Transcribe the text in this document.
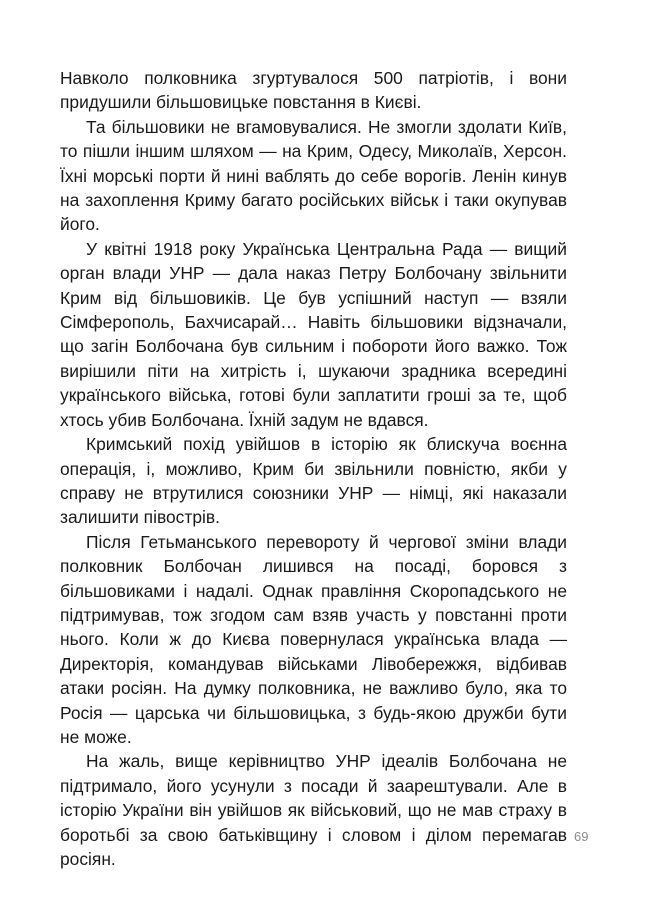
Навколо полковника згуртувалося 500 патріотів, і вони придушили більшовицьке повстання в Києві.

Та більшовики не вгамовувалися. Не змогли здолати Київ, то пішли іншим шляхом — на Крим, Одесу, Миколаїв, Херсон. Їхні морські порти й нині ваблять до себе ворогів. Ленін кинув на захоплення Криму багато російських військ і таки окупував його.

У квітні 1918 року Українська Центральна Рада — вищий орган влади УНР — дала наказ Петру Болбочану звільнити Крим від більшовиків. Це був успішний наступ — взяли Сімферополь, Бахчисарай… Навіть більшовики відзначали, що загін Болбочана був сильним і побороти його важко. Тож вирішили піти на хитрість і, шукаючи зрадника всередині українського війська, готові були заплатити гроші за те, щоб хтось убив Болбочана. Їхній задум не вдався.

Кримський похід увійшов в історію як блискуча воєнна операція, і, можливо, Крим би звільнили повністю, якби у справу не втрутилися союзники УНР — німці, які наказали залишити півострів.

Після Гетьманського перевороту й чергової зміни влади полковник Болбочан лишився на посаді, боровся з більшовиками і надалі. Однак правління Скоропадського не підтримував, тож згодом сам взяв участь у повстанні проти нього. Коли ж до Києва повернулася українська влада — Директорія, командував військами Лівобережжя, відбивав атаки росіян. На думку полковника, не важливо було, яка то Росія — царська чи більшовицька, з будь-якою дружби бути не може.

На жаль, вище керівництво УНР ідеалів Болбочана не підтримало, його усунули з посади й заарештували. Але в історію України він увійшов як військовий, що не мав страху в боротьбі за свою батьківщину і словом і ділом перемагав росіян.

69
